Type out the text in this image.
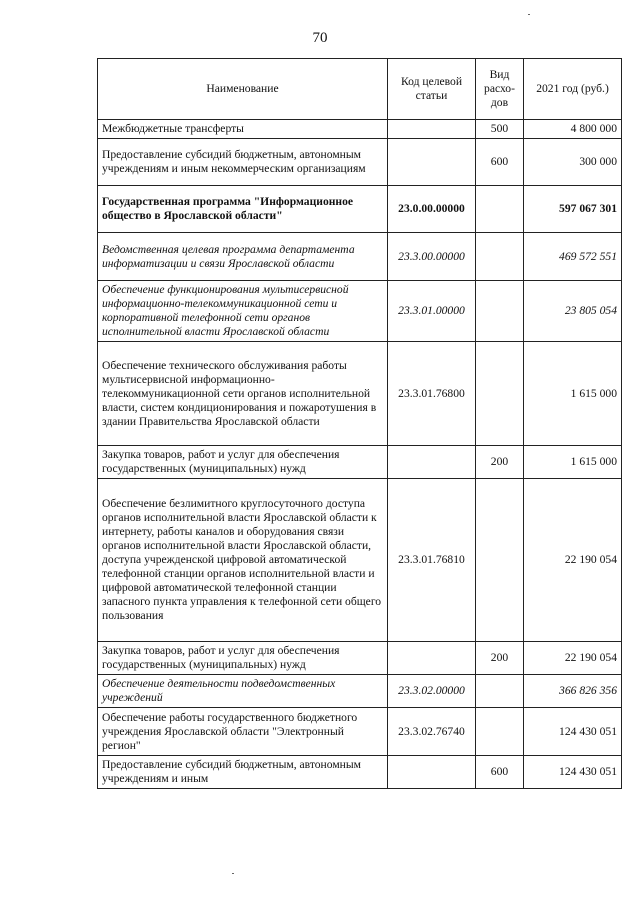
70
Наименование	Код целевой статьи	Вид расхо-дов	2021 год (руб.)
Межбюджетные трансферты		500	4 800 000
Предоставление субсидий бюджетным, автономным учреждениям и иным некоммерческим организациям		600	300 000
Государственная программа "Информационное общество в Ярославской области"	23.0.00.00000		597 067 301
Ведомственная целевая программа департамента информатизации и связи Ярославской области	23.3.00.00000		469 572 551
Обеспечение функционирования мультисервисной информационно-телекоммуникационной сети и корпоративной телефонной сети органов исполнительной власти Ярославской области	23.3.01.00000		23 805 054
Обеспечение технического обслуживания работы мультисервисной информационно-телекоммуникационной сети органов исполнительной власти, систем кондиционирования и пожаротушения в здании Правительства Ярославской области	23.3.01.76800		1 615 000
Закупка товаров, работ и услуг для обеспечения государственных (муниципальных) нужд		200	1 615 000
Обеспечение безлимитного круглосуточного доступа органов исполнительной власти Ярославской области к интернету, работы каналов и оборудования связи органов исполнительной власти Ярославской области, доступа учрежденской цифровой автоматической телефонной станции органов исполнительной власти и цифровой автоматической телефонной станции запасного пункта управления к телефонной сети общего пользования	23.3.01.76810		22 190 054
Закупка товаров, работ и услуг для обеспечения государственных (муниципальных) нужд		200	22 190 054
Обеспечение деятельности подведомственных учреждений	23.3.02.00000		366 826 356
Обеспечение работы государственного бюджетного учреждения Ярославской области "Электронный регион"	23.3.02.76740		124 430 051
Предоставление субсидий бюджетным, автономным учреждениям и иным		600	124 430 051
